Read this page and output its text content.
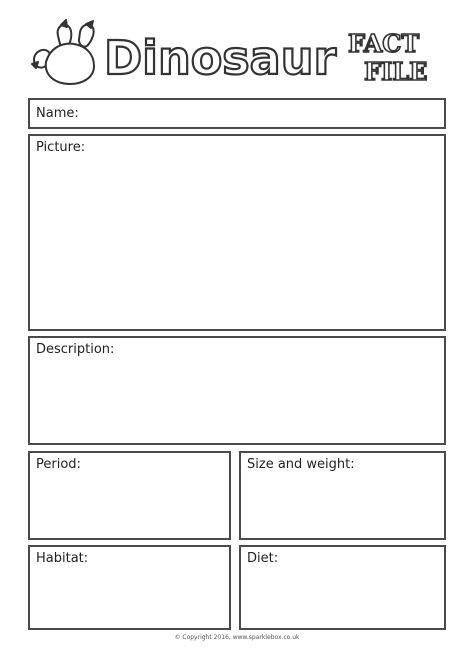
Dinosaur FACT
FILE
Name:
Picture:
Description:
Period:	Size and weight:
Habitat:	Diet:
© Copyright 2016, www.sparklebox.co.uk
